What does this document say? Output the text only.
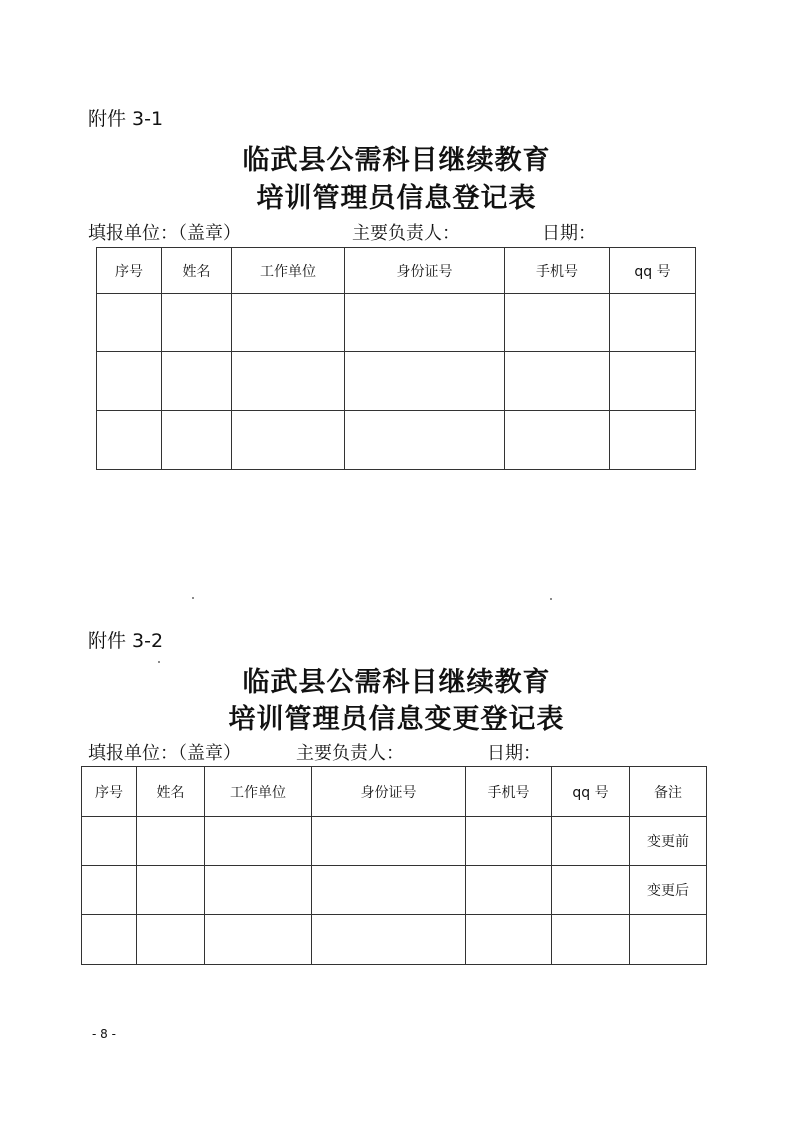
附件 3-1
临武县公需科目继续教育
培训管理员信息登记表
填报单位：（盖章）	主要负责人：	日期：
序号	姓名	工作单位	身份证号	手机号	qq 号

附件 3-2
临武县公需科目继续教育
培训管理员信息变更登记表
填报单位：（盖章）	主要负责人：	日期：
序号	姓名	工作单位	身份证号	手机号	qq 号	备注
						变更前
						变更后

- 8 -
